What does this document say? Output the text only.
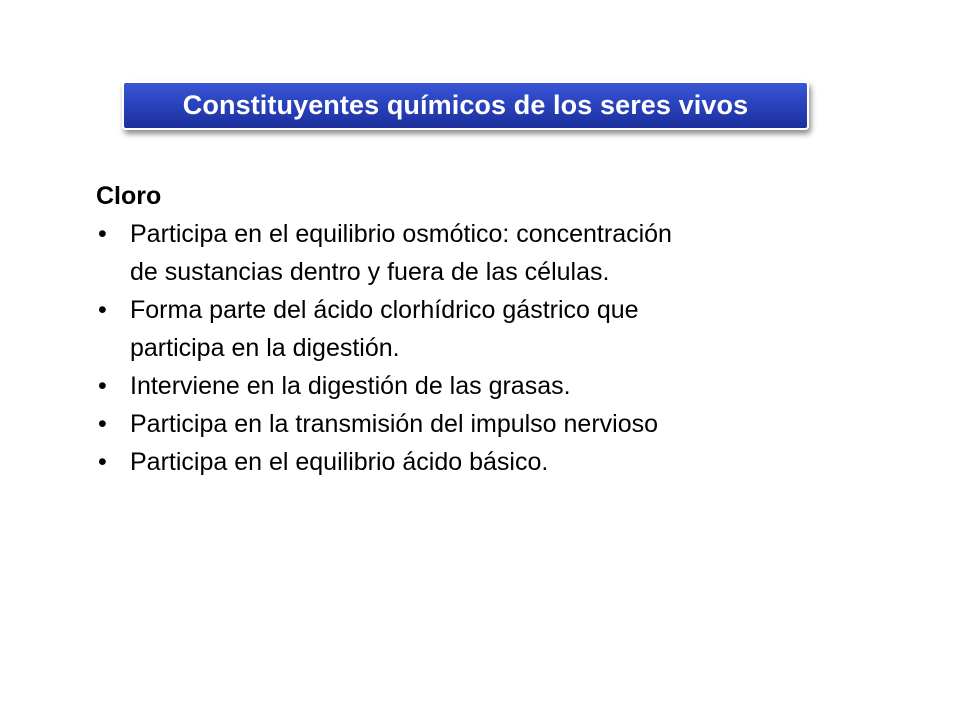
Constituyentes químicos de los seres vivos

Cloro

• Participa en el equilibrio osmótico: concentración
de sustancias dentro y fuera de las células.
• Forma parte del ácido clorhídrico gástrico que
participa en la digestión.
• Interviene en la digestión de las grasas.
• Participa en la transmisión del impulso nervioso
• Participa en el equilibrio ácido básico.
